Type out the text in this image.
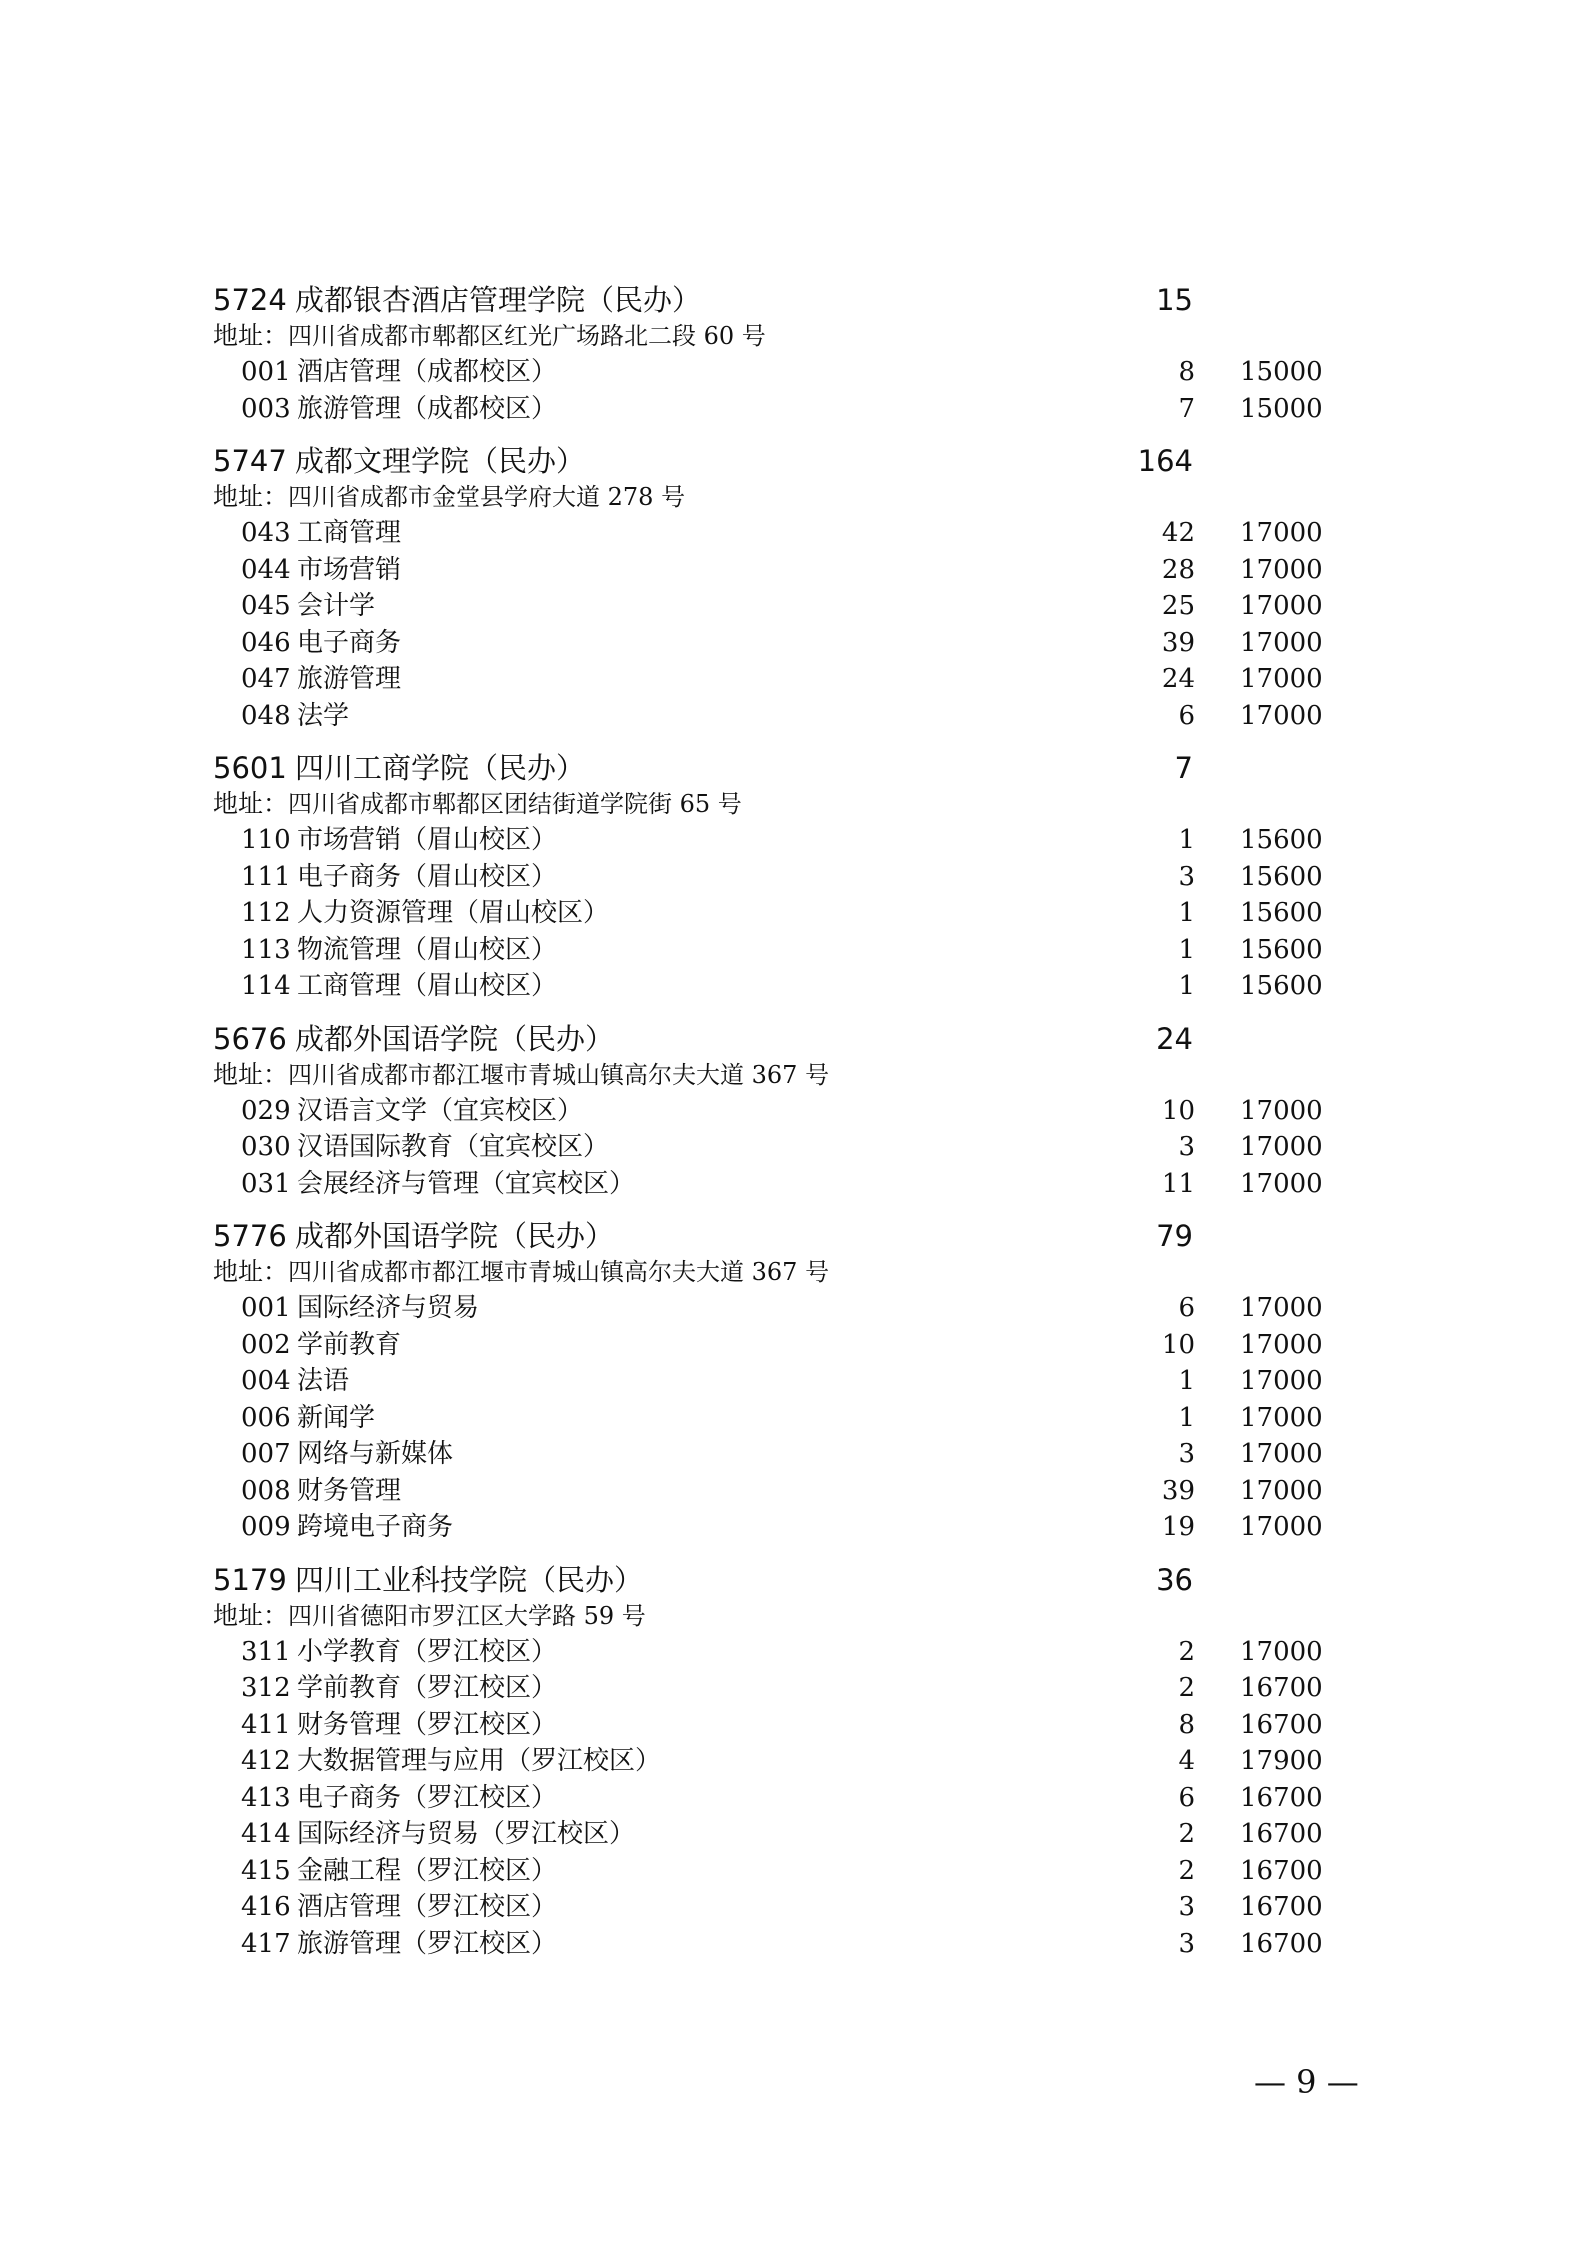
5724 成都银杏酒店管理学院（民办）	15
地址：四川省成都市郫都区红光广场路北二段 60 号
001 酒店管理（成都校区）	8 15000
003 旅游管理（成都校区）	7 15000
5747 成都文理学院（民办）	164
地址：四川省成都市金堂县学府大道 278 号
043 工商管理	42 17000
044 市场营销	28 17000
045 会计学	25 17000
046 电子商务	39 17000
047 旅游管理	24 17000
048 法学	6 17000
5601 四川工商学院（民办）	7
地址：四川省成都市郫都区团结街道学院街 65 号
110 市场营销（眉山校区）	1 15600
111 电子商务（眉山校区）	3 15600
112 人力资源管理（眉山校区）	1 15600
113 物流管理（眉山校区）	1 15600
114 工商管理（眉山校区）	1 15600
5676 成都外国语学院（民办）	24
地址：四川省成都市都江堰市青城山镇高尔夫大道 367 号
029 汉语言文学（宜宾校区）	10 17000
030 汉语国际教育（宜宾校区）	3 17000
031 会展经济与管理（宜宾校区）	11 17000
5776 成都外国语学院（民办）	79
地址：四川省成都市都江堰市青城山镇高尔夫大道 367 号
001 国际经济与贸易	6 17000
002 学前教育	10 17000
004 法语	1 17000
006 新闻学	1 17000
007 网络与新媒体	3 17000
008 财务管理	39 17000
009 跨境电子商务	19 17000
5179 四川工业科技学院（民办）	36
地址：四川省德阳市罗江区大学路 59 号
311 小学教育（罗江校区）	2 17000
312 学前教育（罗江校区）	2 16700
411 财务管理（罗江校区）	8 16700
412 大数据管理与应用（罗江校区）	4 17900
413 电子商务（罗江校区）	6 16700
414 国际经济与贸易（罗江校区）	2 16700
415 金融工程（罗江校区）	2 16700
416 酒店管理（罗江校区）	3 16700
417 旅游管理（罗江校区）	3 16700
— 9 —
